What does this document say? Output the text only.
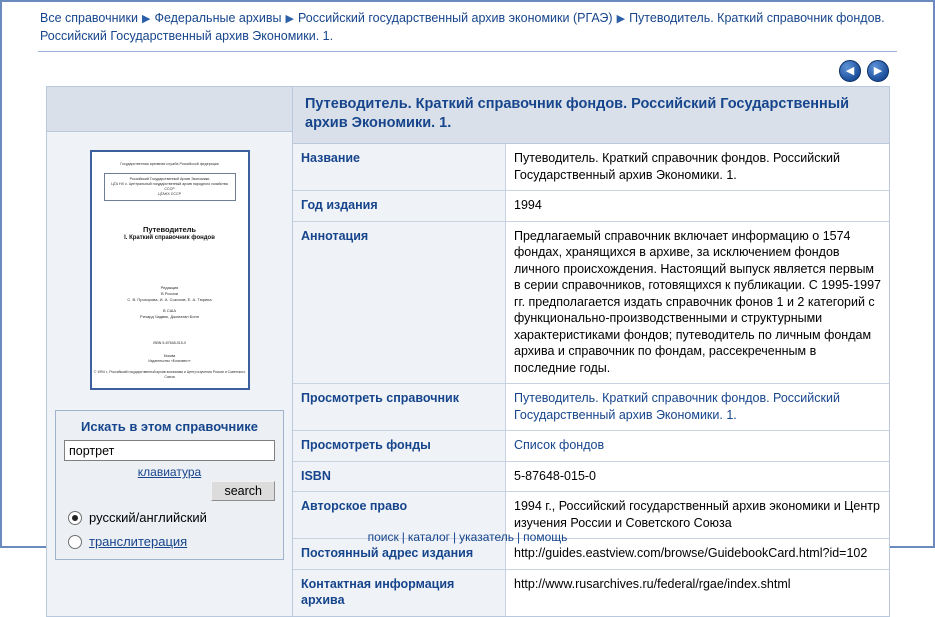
Все справочники ▶ Федеральные архивы ▶ Российский государственный архив экономики (РГАЭ) ▶ Путеводитель. Краткий справочник фондов. Российский Государственный архив Экономики. 1.
◀	▶
Государственная архивная служба Российской федерации
Российский Государственный Архив Экономики
ЦГА НХ с. Центральный государственный архив народного хозяйства СССР
ЦГАНХ СССР
Путеводитель
I. Краткий справочник фондов
Редакция
В России
С. В. Прозорова, И. А. Соколов, Е. А. Тюрина
В США
Ричард Чадвик, Джонатан Бонн
ISBN 5-87648-015-0
Москва
Издательство «Благовест»
© 1994 г., Российский государственный архив экономики и Центр изучения России и Советского Союза
Искать в этом справочнике
портрет
клавиатура
search
русский/английский
транслитерация
Путеводитель. Краткий справочник фондов. Российский Государственный архив Экономики. 1.
Название	Путеводитель. Краткий справочник фондов. Российский Государственный архив Экономики. 1.
Год издания	1994
Аннотация	Предлагаемый справочник включает информацию о 1574 фондах, хранящихся в архиве, за исключением фондов личного происхождения. Настоящий выпуск является первым в серии справочников, готовящихся к публикации. С 1995-1997 гг. предполагается издать справочник фонов 1 и 2 категорий с функционально-производственными и структурными характеристиками фондов; путеводитель по личным фондам архива и справочник по фондам, рассекреченным в последние годы.
Просмотреть справочник	Путеводитель. Краткий справочник фондов. Российский Государственный архив Экономики. 1.
Просмотреть фонды	Список фондов
ISBN	5-87648-015-0
Авторское право	1994 г., Российский государственный архив экономики и Центр изучения России и Советского Союза
Постоянный адрес издания	http://guides.eastview.com/browse/GuidebookCard.html?id=102
Контактная информация архива	http://www.rusarchives.ru/federal/rgae/index.shtml
поиск | каталог | указатель | помощь
